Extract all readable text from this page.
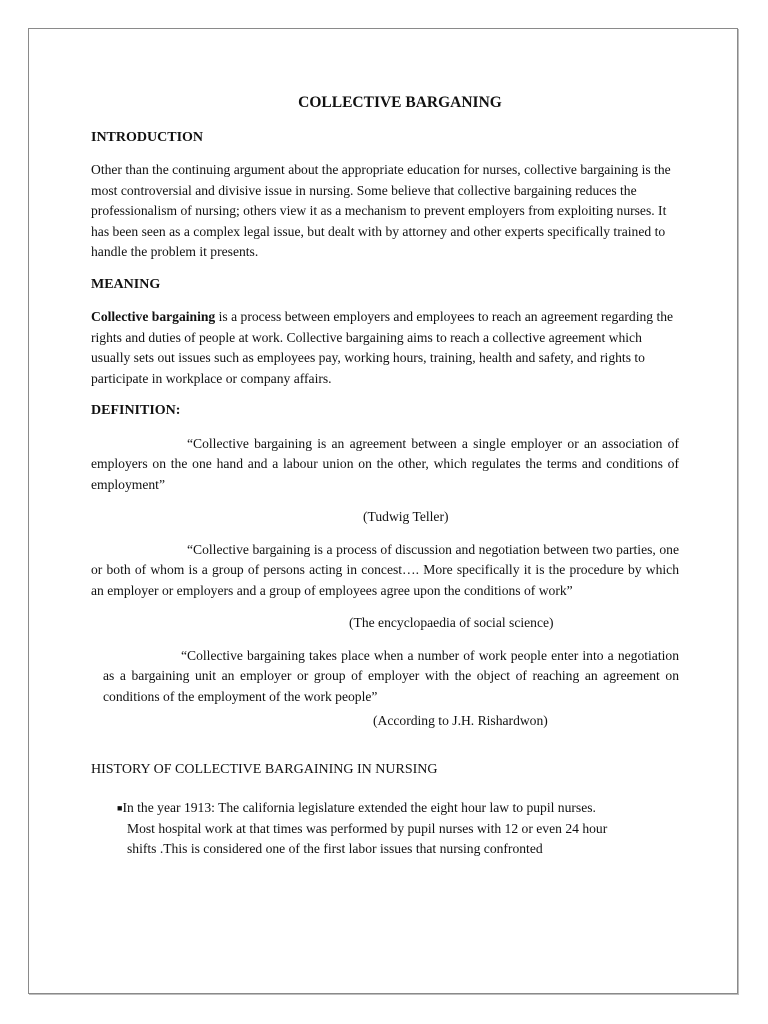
COLLECTIVE BARGANING
INTRODUCTION

Other than the continuing argument about the appropriate education for nurses, collective bargaining is the most controversial and divisive issue in nursing. Some believe that collective bargaining reduces the professionalism of nursing; others view it as a mechanism to prevent employers from exploiting nurses. It has been seen as a complex legal issue, but dealt with by attorney and other experts specifically trained to handle the problem it presents.

MEANING

Collective bargaining is a process between employers and employees to reach an agreement regarding the rights and duties of people at work. Collective bargaining aims to reach a collective agreement which usually sets out issues such as employees pay, working hours, training, health and safety, and rights to participate in workplace or company affairs.

DEFINITION:

“Collective bargaining is an agreement between a single employer or an association of employers on the one hand and a labour union on the other, which regulates the terms and conditions of employment”

(Tudwig Teller)

“Collective bargaining is a process of discussion and negotiation between two parties, one or both of whom is a group of persons acting in concest…. More specifically it is the procedure by which an employer or employers and a group of employees agree upon the conditions of work”

(The encyclopaedia of social science)

“Collective bargaining takes place when a number of work people enter into a negotiation as a bargaining unit an employer or group of employer with the object of reaching an agreement on conditions of the employment of the work people”

(According to J.H. Rishardwon)

HISTORY OF COLLECTIVE BARGAINING IN NURSING

■In the year 1913: The california legislature extended the eight hour law to pupil nurses. Most hospital work at that times was performed by pupil nurses with 12 or even 24 hour shifts .This is considered one of the first labor issues that nursing confronted
